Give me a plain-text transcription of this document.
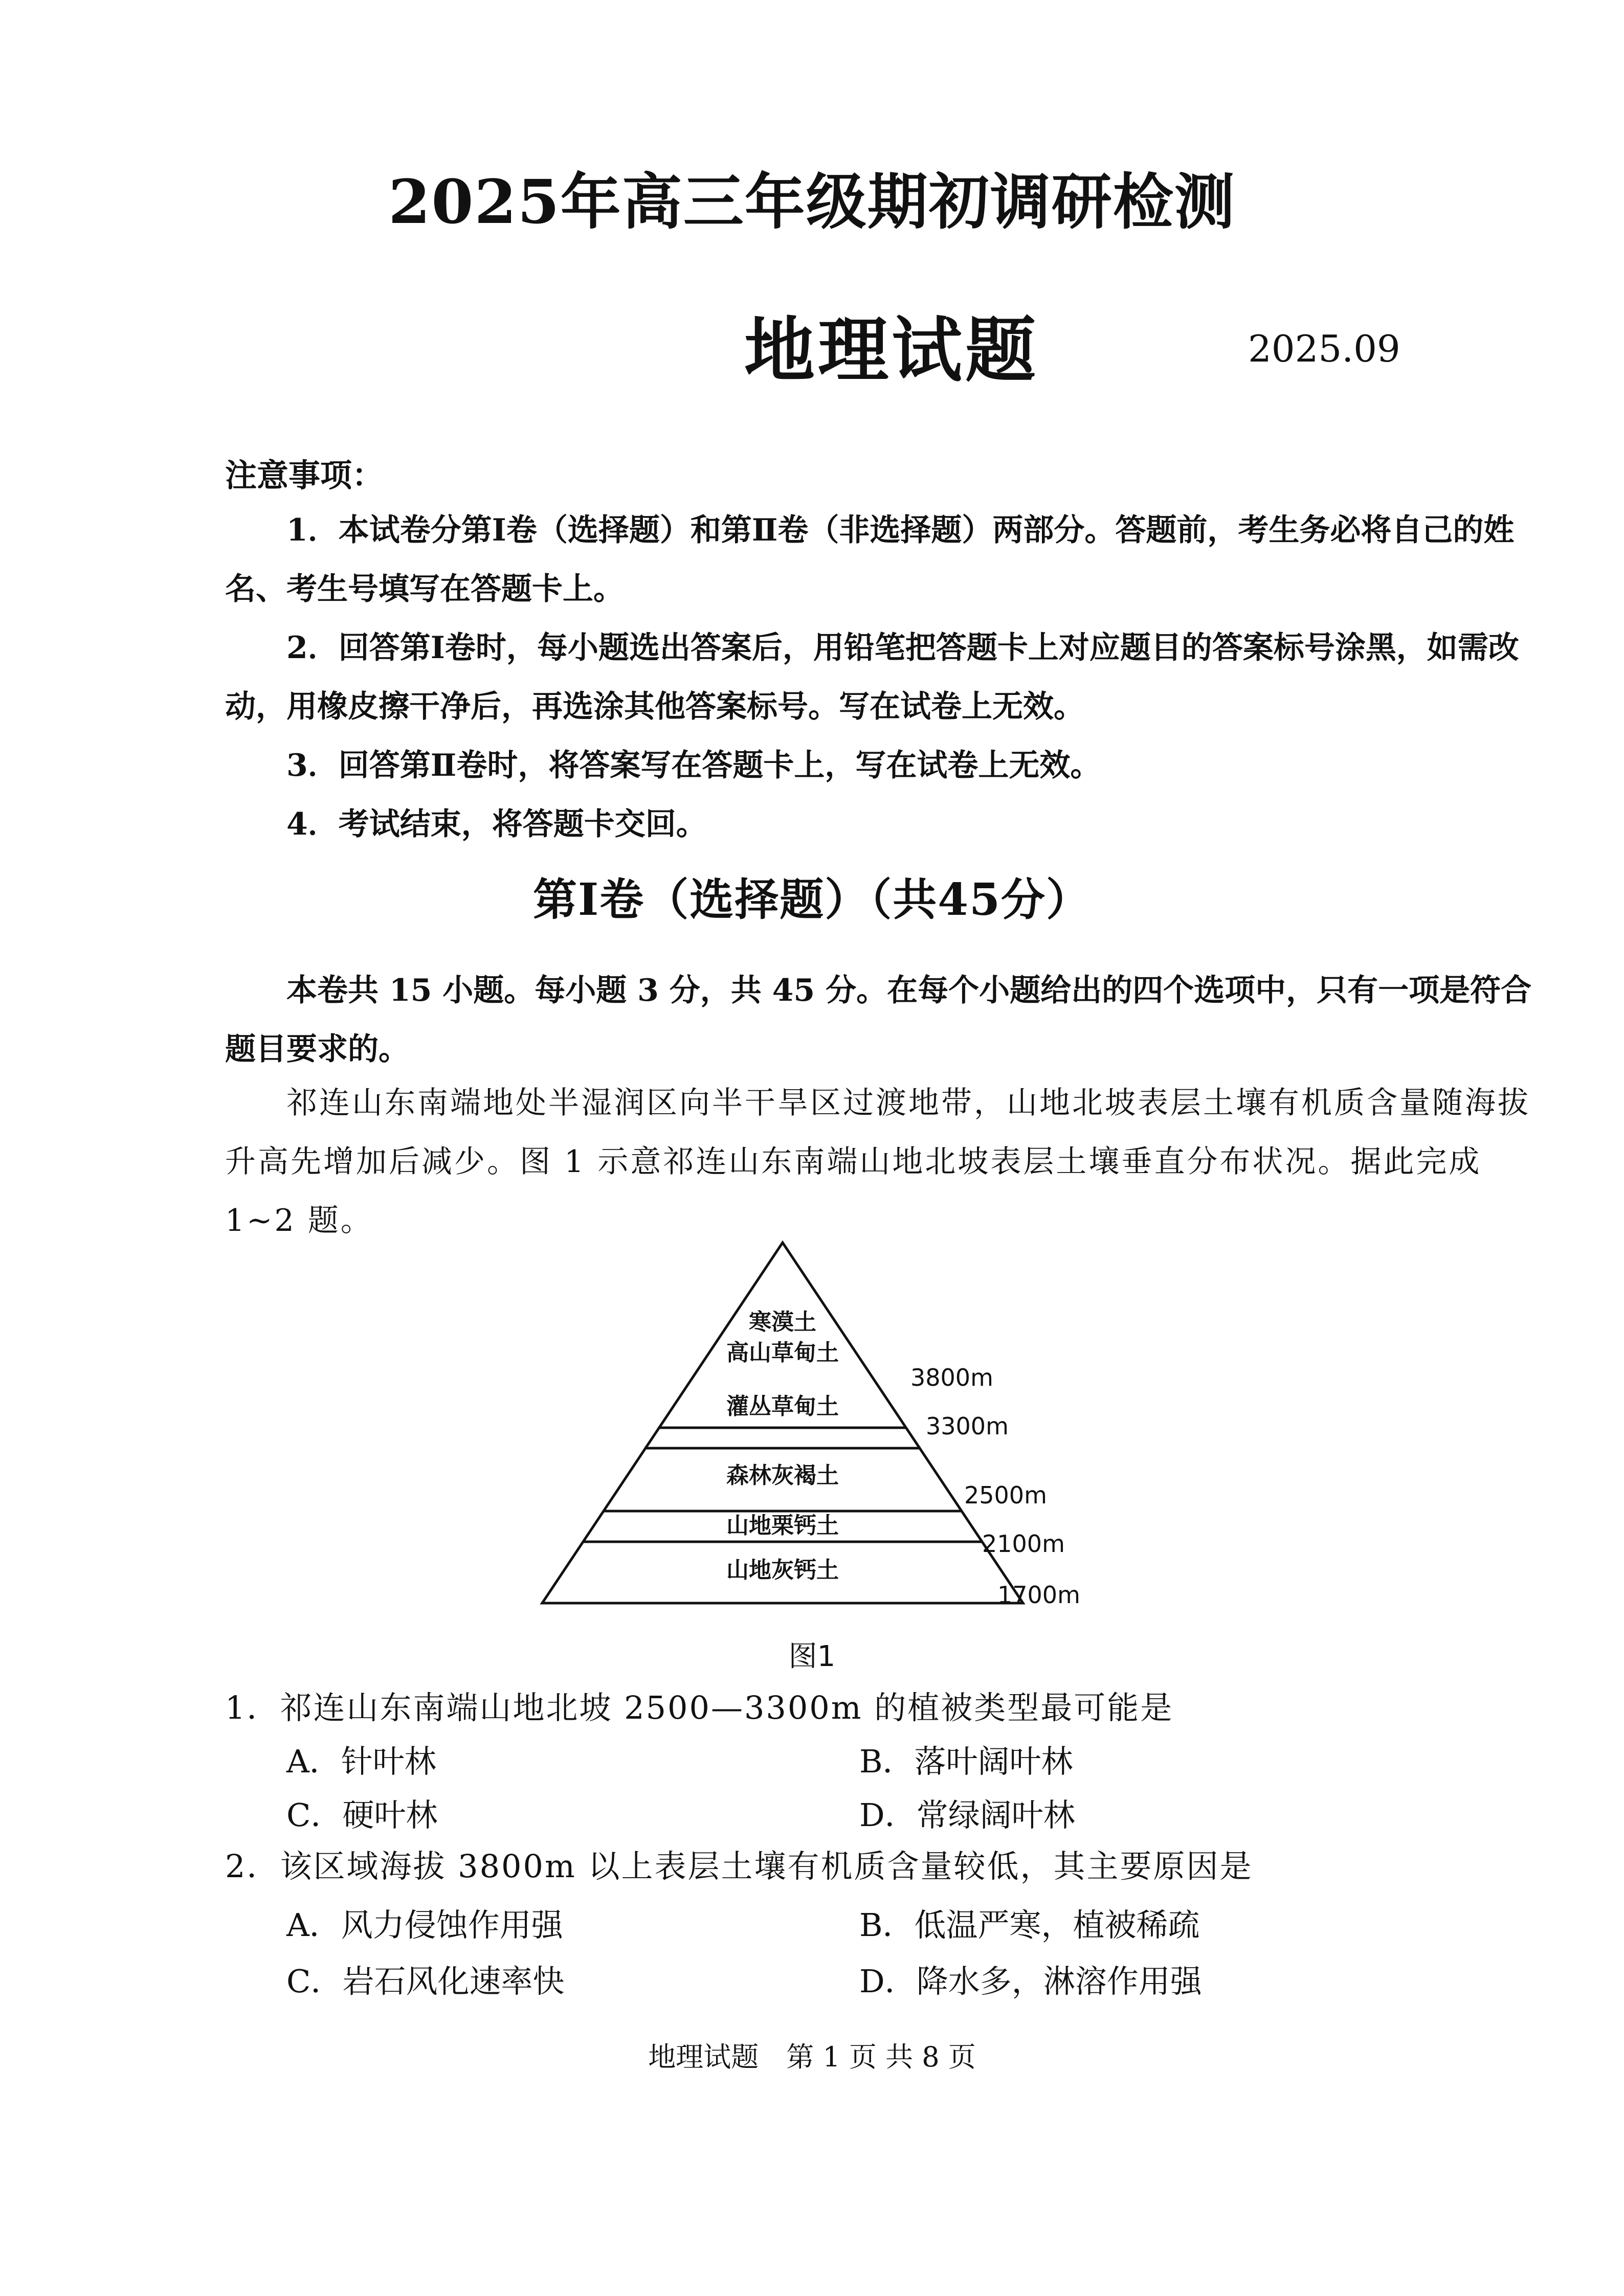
2025年高三年级期初调研检测
地理试题	2025.09
注意事项：
1．本试卷分第Ⅰ卷（选择题）和第Ⅱ卷（非选择题）两部分。答题前，考生务必将自己的姓名、考生号填写在答题卡上。
2．回答第Ⅰ卷时，每小题选出答案后，用铅笔把答题卡上对应题目的答案标号涂黑，如需改动，用橡皮擦干净后，再选涂其他答案标号。写在试卷上无效。
3．回答第Ⅱ卷时，将答案写在答题卡上，写在试卷上无效。
4．考试结束，将答题卡交回。
第Ⅰ卷（选择题）（共45分）
本卷共 15 小题。每小题 3 分，共 45 分。在每个小题给出的四个选项中，只有一项是符合题目要求的。
祁连山东南端地处半湿润区向半干旱区过渡地带，山地北坡表层土壤有机质含量随海拔升高先增加后减少。图 1 示意祁连山东南端山地北坡表层土壤垂直分布状况。据此完成 1~2 题。
寒漠土
高山草甸土
灌丛草甸土
森林灰褐土
山地栗钙土
山地灰钙土
3800m
3300m
2500m
2100m
1700m
图1
1．祁连山东南端山地北坡 2500—3300m 的植被类型最可能是
A．针叶林	B．落叶阔叶林
C．硬叶林	D．常绿阔叶林
2．该区域海拔 3800m 以上表层土壤有机质含量较低，其主要原因是
A．风力侵蚀作用强	B．低温严寒，植被稀疏
C．岩石风化速率快	D．降水多，淋溶作用强
地理试题　第 1 页 共 8 页
